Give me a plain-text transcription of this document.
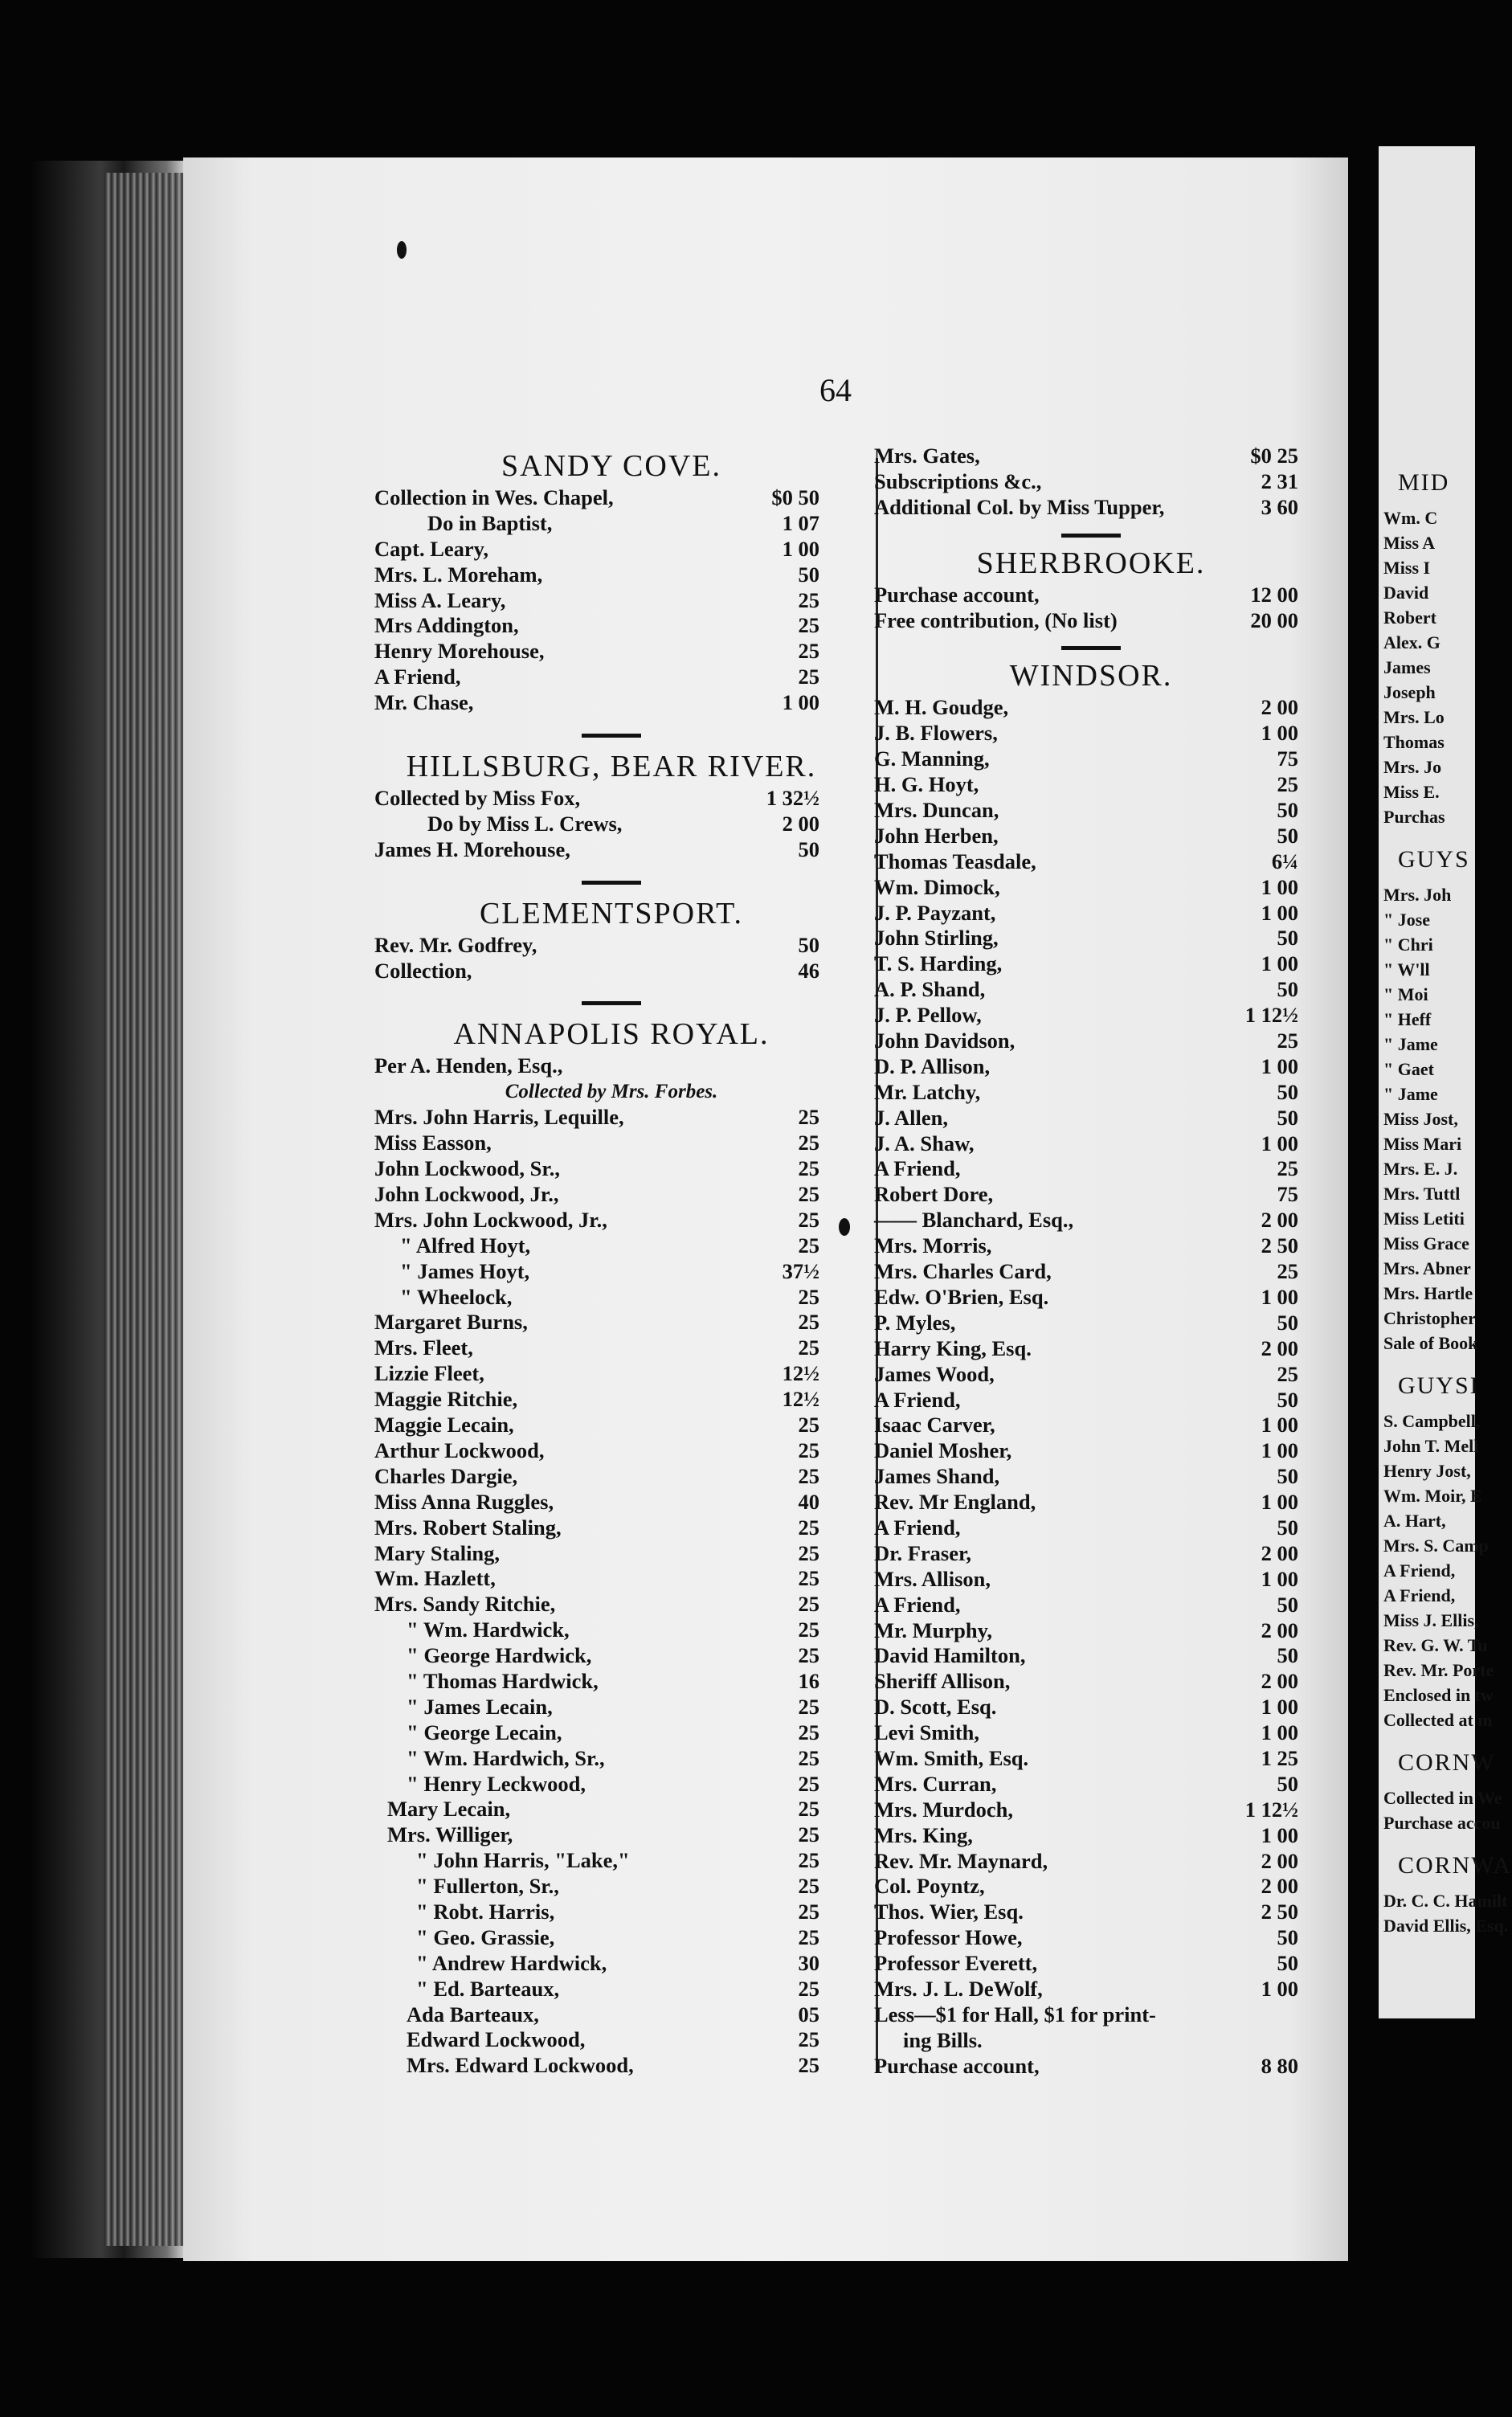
64
SANDY COVE.
Collection in Wes. Chapel,	$0 50
Do in Baptist,	1 07
Capt. Leary,	1 00
Mrs. L. Moreham,	50
Miss A. Leary,	25
Mrs Addington,	25
Henry Morehouse,	25
A Friend,	25
Mr. Chase,	1 00
HILLSBURG, BEAR RIVER.
Collected by Miss Fox,	1 32½
Do by Miss L. Crews,	2 00
James H. Morehouse,	50
CLEMENTSPORT.
Rev. Mr. Godfrey,	50
Collection,	46
ANNAPOLIS ROYAL.
Per A. Henden, Esq.,
Collected by Mrs. Forbes.
Mrs. John Harris, Lequille,	25
Miss Easson,	25
John Lockwood, Sr.,	25
John Lockwood, Jr.,	25
Mrs. John Lockwood, Jr.,	25
" Alfred Hoyt,	25
" James Hoyt,	37½
" Wheelock,	25
Margaret Burns,	25
Mrs. Fleet,	25
Lizzie Fleet,	12½
Maggie Ritchie,	12½
Maggie Lecain,	25
Arthur Lockwood,	25
Charles Dargie,	25
Miss Anna Ruggles,	40
Mrs. Robert Staling,	25
Mary Staling,	25
Wm. Hazlett,	25
Mrs. Sandy Ritchie,	25
" Wm. Hardwick,	25
" George Hardwick,	25
" Thomas Hardwick,	16
" James Lecain,	25
" George Lecain,	25
" Wm. Hardwich, Sr.,	25
" Henry Leckwood,	25
Mary Lecain,	25
Mrs. Williger,	25
" John Harris, "Lake,"	25
" Fullerton, Sr.,	25
" Robt. Harris,	25
" Geo. Grassie,	25
" Andrew Hardwick,	30
" Ed. Barteaux,	25
Ada Barteaux,	05
Edward Lockwood,	25
Mrs. Edward Lockwood,	25
Mrs. Gates,	$0 25
Subscriptions &c.,	2 31
Additional Col. by Miss Tupper,	3 60
SHERBROOKE.
Purchase account,	12 00
Free contribution, (No list)	20 00
WINDSOR.
M. H. Goudge,	2 00
J. B. Flowers,	1 00
G. Manning,	75
H. G. Hoyt,	25
Mrs. Duncan,	50
John Herben,	50
Thomas Teasdale,	6¼
Wm. Dimock,	1 00
J. P. Payzant,	1 00
John Stirling,	50
T. S. Harding,	1 00
A. P. Shand,	50
J. P. Pellow,	1 12½
John Davidson,	25
D. P. Allison,	1 00
Mr. Latchy,	50
J. Allen,	50
J. A. Shaw,	1 00
A Friend,	25
Robert Dore,	75
—— Blanchard, Esq.,	2 00
Mrs. Morris,	2 50
Mrs. Charles Card,	25
Edw. O'Brien, Esq.	1 00
P. Myles,	50
Harry King, Esq.	2 00
James Wood,	25
A Friend,	50
Isaac Carver,	1 00
Daniel Mosher,	1 00
James Shand,	50
Rev. Mr England,	1 00
A Friend,	50
Dr. Fraser,	2 00
Mrs. Allison,	1 00
A Friend,	50
Mr. Murphy,	2 00
David Hamilton,	50
Sheriff Allison,	2 00
D. Scott, Esq.	1 00
Levi Smith,	1 00
Wm. Smith, Esq.	1 25
Mrs. Curran,	50
Mrs. Murdoch,	1 12½
Mrs. King,	1 00
Rev. Mr. Maynard,	2 00
Col. Poyntz,	2 00
Thos. Wier, Esq.	2 50
Professor Howe,	50
Professor Everett,	50
Mrs. J. L. DeWolf,	1 00
Less—$1 for Hall, $1 for print-
ing Bills.
Purchase account,	8 80
MID
Wm. C
Miss A
Miss I
David
Robert
Alex. G
James
Joseph
Mrs. Lo
Thomas
Mrs. Jo
Miss E.
Purchas
GUYS
Mrs. Joh
" Jose
" Chri
" W'll
" Moi
" Heff
" Jame
" Gaet
" Jame
Miss Jost,
Miss Mari
Mrs. E. J.
Mrs. Tuttl
Miss Letiti
Miss Grace
Mrs. Abner
Mrs. Hartle
Christopher
Sale of Book
GUYSI
S. Campbell,
John T. Mell
Henry Jost,
Wm. Moir, E
A. Hart,
Mrs. S. Camp
A Friend,
A Friend,
Miss J. Ellis,
Rev. G. W. Tu
Rev. Mr. Porte
Enclosed in tw
Collected at m
CORNW
Collected in We
Purchase accou
CORNWA
Dr. C. C. Hamilt
David Ellis, Esq.
